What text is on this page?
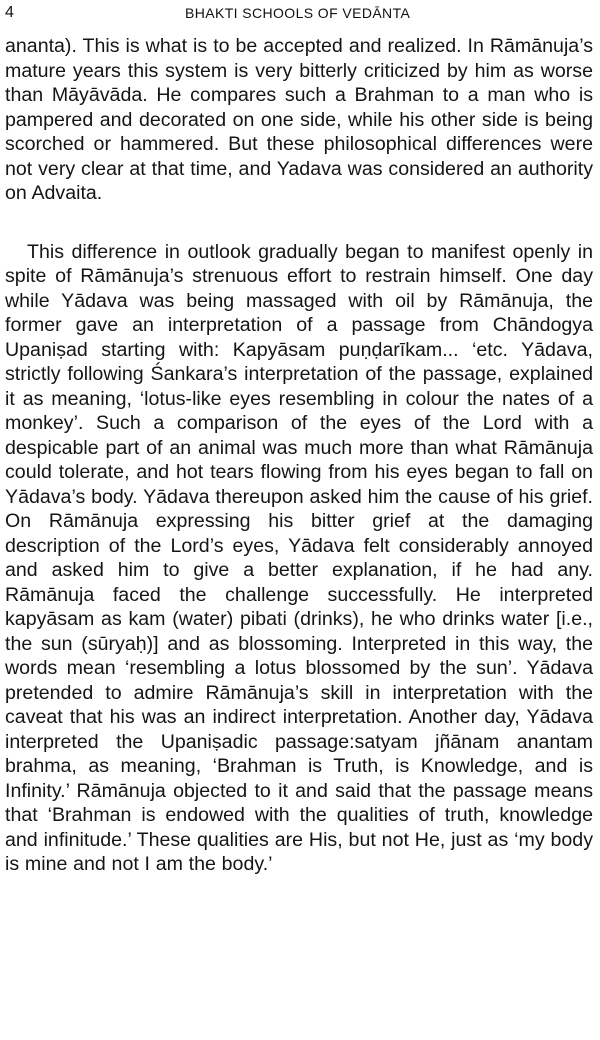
4	BHAKTI SCHOOLS OF VEDĀNTA

ananta). This is what is to be accepted and realized. In Rāmānuja’s mature years this system is very bitterly criticized by him as worse than Māyāvāda. He compares such a Brahman to a man who is pampered and decorated on one side, while his other side is being scorched or hammered. But these philosophical differences were not very clear at that time, and Yadava was considered an authority on Advaita.

This difference in outlook gradually began to manifest openly in spite of Rāmānuja’s strenuous effort to restrain himself. One day while Yādava was being massaged with oil by Rāmānuja, the former gave an interpretation of a passage from Chāndogya Upaniṣad starting with: Kapyāsam puṇḍarīkam... ‘etc. Yādava, strictly following Śankara’s interpretation of the passage, explained it as meaning, ‘lotus-like eyes resembling in colour the nates of a monkey’. Such a comparison of the eyes of the Lord with a despicable part of an animal was much more than what Rāmānuja could tolerate, and hot tears flowing from his eyes began to fall on Yādava’s body. Yādava thereupon asked him the cause of his grief. On Rāmānuja expressing his bitter grief at the damaging description of the Lord’s eyes, Yādava felt considerably annoyed and asked him to give a better explanation, if he had any. Rāmānuja faced the challenge successfully. He interpreted kapyāsam as kam (water) pibati (drinks), he who drinks water [i.e., the sun (sūryaḥ)] and as blossoming. Interpreted in this way, the words mean ‘resembling a lotus blossomed by the sun’. Yādava pretended to admire Rāmānuja’s skill in interpretation with the caveat that his was an indirect interpretation. Another day, Yādava interpreted the Upaniṣadic passage:satyam jñānam anantam brahma, as meaning, ‘Brahman is Truth, is Knowledge, and is Infinity.’ Rāmānuja objected to it and said that the passage means that ‘Brahman is endowed with the qualities of truth, knowledge and infinitude.’ These qualities are His, but not He, just as ‘my body is mine and not I am the body.’
